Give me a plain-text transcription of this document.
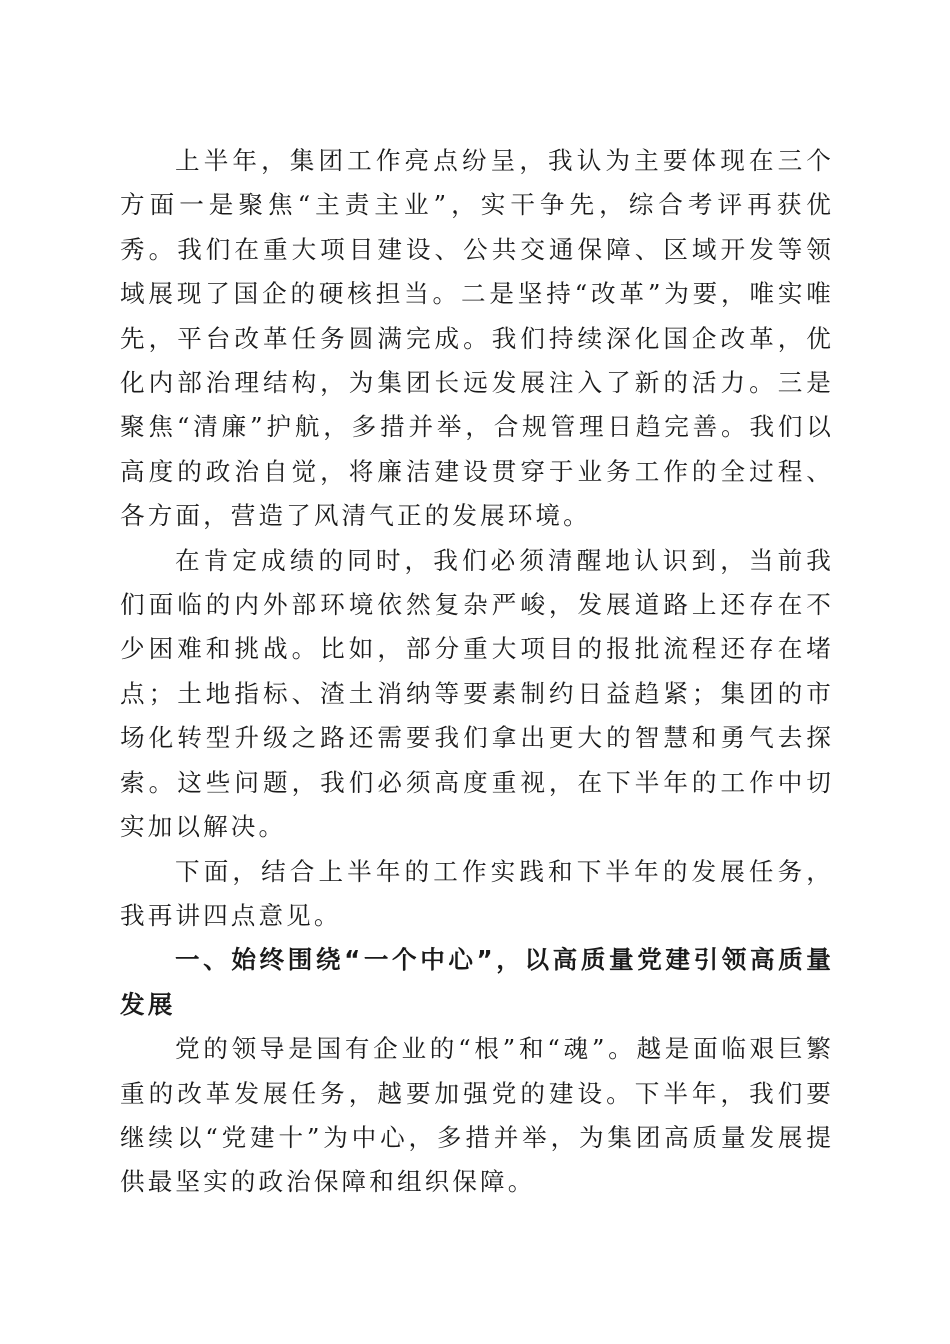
上半年，集团工作亮点纷呈，我认为主要体现在三个方面一是聚焦“主责主业”，实干争先，综合考评再获优秀。我们在重大项目建设、公共交通保障、区域开发等领域展现了国企的硬核担当。二是坚持“改革”为要，唯实唯先，平台改革任务圆满完成。我们持续深化国企改革，优化内部治理结构，为集团长远发展注入了新的活力。三是聚焦“清廉”护航，多措并举，合规管理日趋完善。我们以高度的政治自觉，将廉洁建设贯穿于业务工作的全过程、各方面，营造了风清气正的发展环境。

在肯定成绩的同时，我们必须清醒地认识到，当前我们面临的内外部环境依然复杂严峻，发展道路上还存在不少困难和挑战。比如，部分重大项目的报批流程还存在堵点；土地指标、渣土消纳等要素制约日益趋紧；集团的市场化转型升级之路还需要我们拿出更大的智慧和勇气去探索。这些问题，我们必须高度重视，在下半年的工作中切实加以解决。

下面，结合上半年的工作实践和下半年的发展任务，我再讲四点意见。

一、始终围绕“一个中心”，以高质量党建引领高质量发展

党的领导是国有企业的“根”和“魂”。越是面临艰巨繁重的改革发展任务，越要加强党的建设。下半年，我们要继续以“党建十”为中心，多措并举，为集团高质量发展提供最坚实的政治保障和组织保障。
